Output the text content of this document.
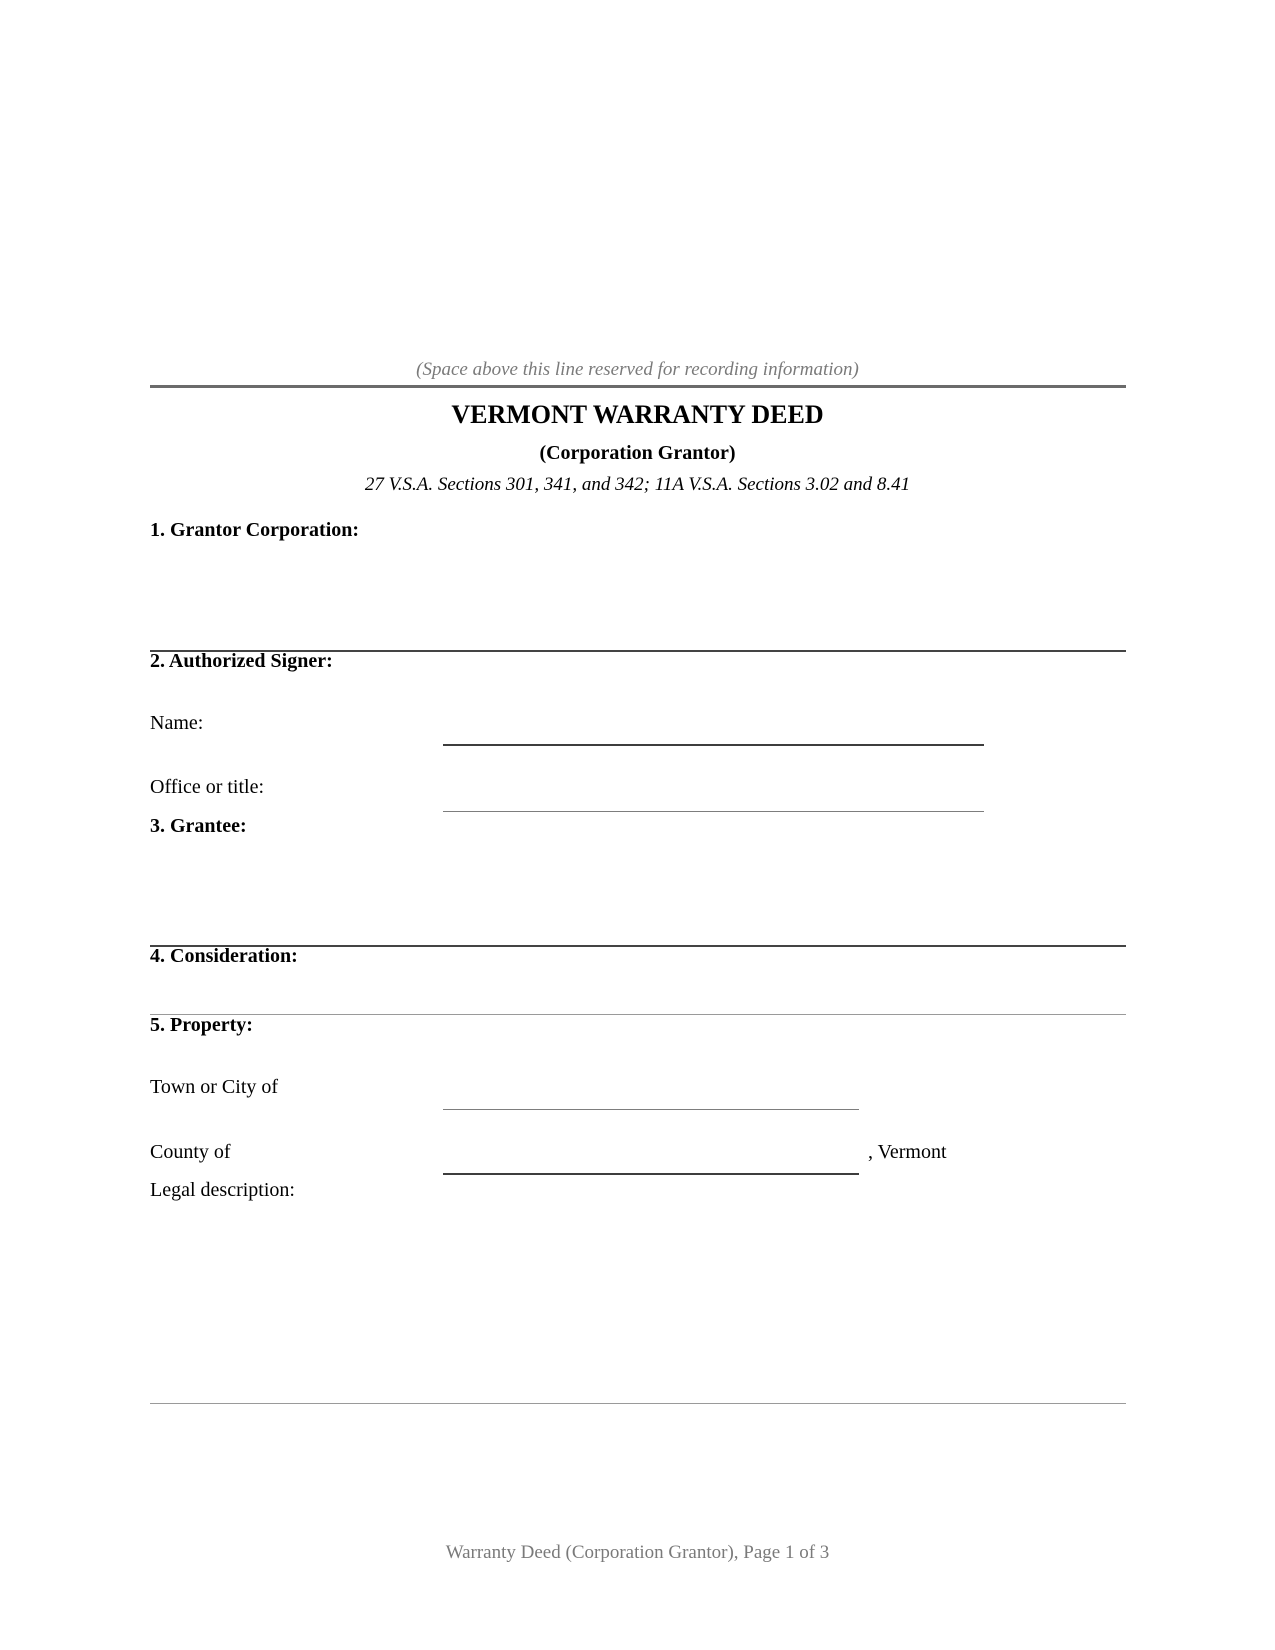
(Space above this line reserved for recording information)
VERMONT WARRANTY DEED
(Corporation Grantor)
27 V.S.A. Sections 301, 341, and 342; 11A V.S.A. Sections 3.02 and 8.41
1. Grantor Corporation:
2. Authorized Signer:
Name:
Office or title:
3. Grantee:
4. Consideration:
5. Property:
Town or City of
County of	, Vermont
Legal description:
Warranty Deed (Corporation Grantor), Page 1 of 3
